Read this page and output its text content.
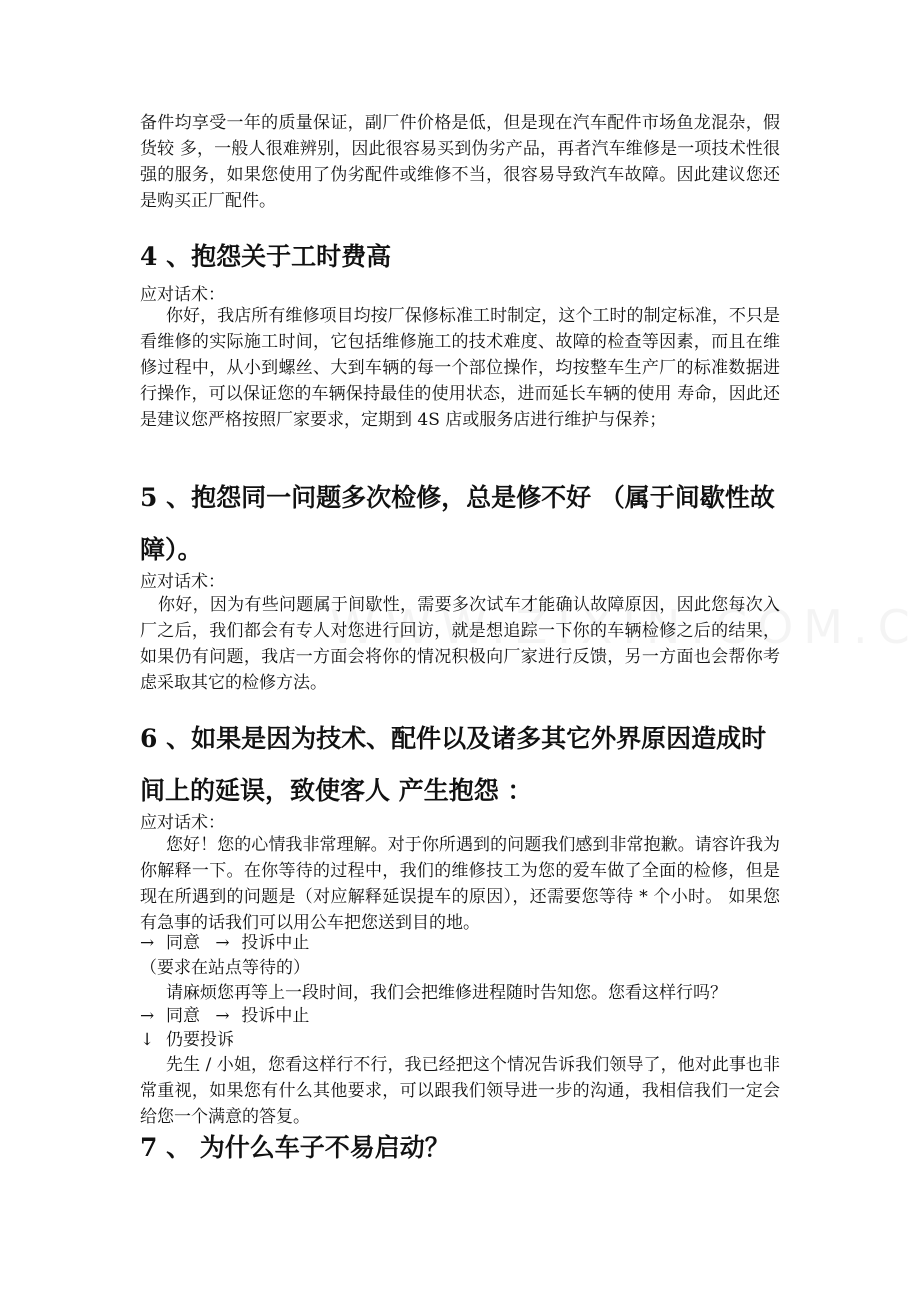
备件均享受一年的质量保证，副厂件价格是低，但是现在汽车配件市场鱼龙混杂，假货较 多，一般人很难辨别，因此很容易买到伪劣产品，再者汽车维修是一项技术性很强的服务，如果您使用了伪劣配件或维修不当，很容易导致汽车故障。因此建议您还 是购买正厂配件。

4 、抱怨关于工时费高

应对话术：

你好，我店所有维修项目均按厂保修标准工时制定，这个工时的制定标准，不只是看维修的实际施工时间，它包括维修施工的技术难度、故障的检查等因素，而且在维修过程中，从小到螺丝、大到车辆的每一个部位操作，均按整车生产厂的标准数据进行操作，可以保证您的车辆保持最佳的使用状态，进而延长车辆的使用 寿命，因此还是建议您严格按照厂家要求，定期到 4S 店或服务店进行维护与保养；

5 、抱怨同一问题多次检修，总是修不好 （属于间歇性故障）。

应对话术：

你好，因为有些问题属于间歇性，需要多次试车才能确认故障原因，因此您每次入厂之后，我们都会有专人对您进行回访，就是想追踪一下你的车辆检修之后的结果，如果仍有问题，我店一方面会将你的情况积极向厂家进行反馈，另一方面也会帮你考虑采取其它的检修方法。

6 、如果是因为技术、配件以及诸多其它外界原因造成时间上的延误，致使客人 产生抱怨 ：

应对话术：

您好！您的心情我非常理解。对于你所遇到的问题我们感到非常抱歉。请容许我为你解释一下。在你等待的过程中，我们的维修技工为您的爱车做了全面的检修，但是现在所遇到的问题是（对应解释延误提车的原因），还需要您等待 * 个小时。 如果您有急事的话我们可以用公车把您送到目的地。

→ 同意 → 投诉中止

（要求在站点等待的）

请麻烦您再等上一段时间，我们会把维修进程随时告知您。您看这样行吗？

→ 同意 → 投诉中止

↓ 仍要投诉

先生 / 小姐，您看这样行不行，我已经把这个情况告诉我们领导了，他对此事也非常重视，如果您有什么其他要求，可以跟我们领导进一步的沟通，我相信我们一定会给您一个满意的答复。

7 、 为什么车子不易启动？
